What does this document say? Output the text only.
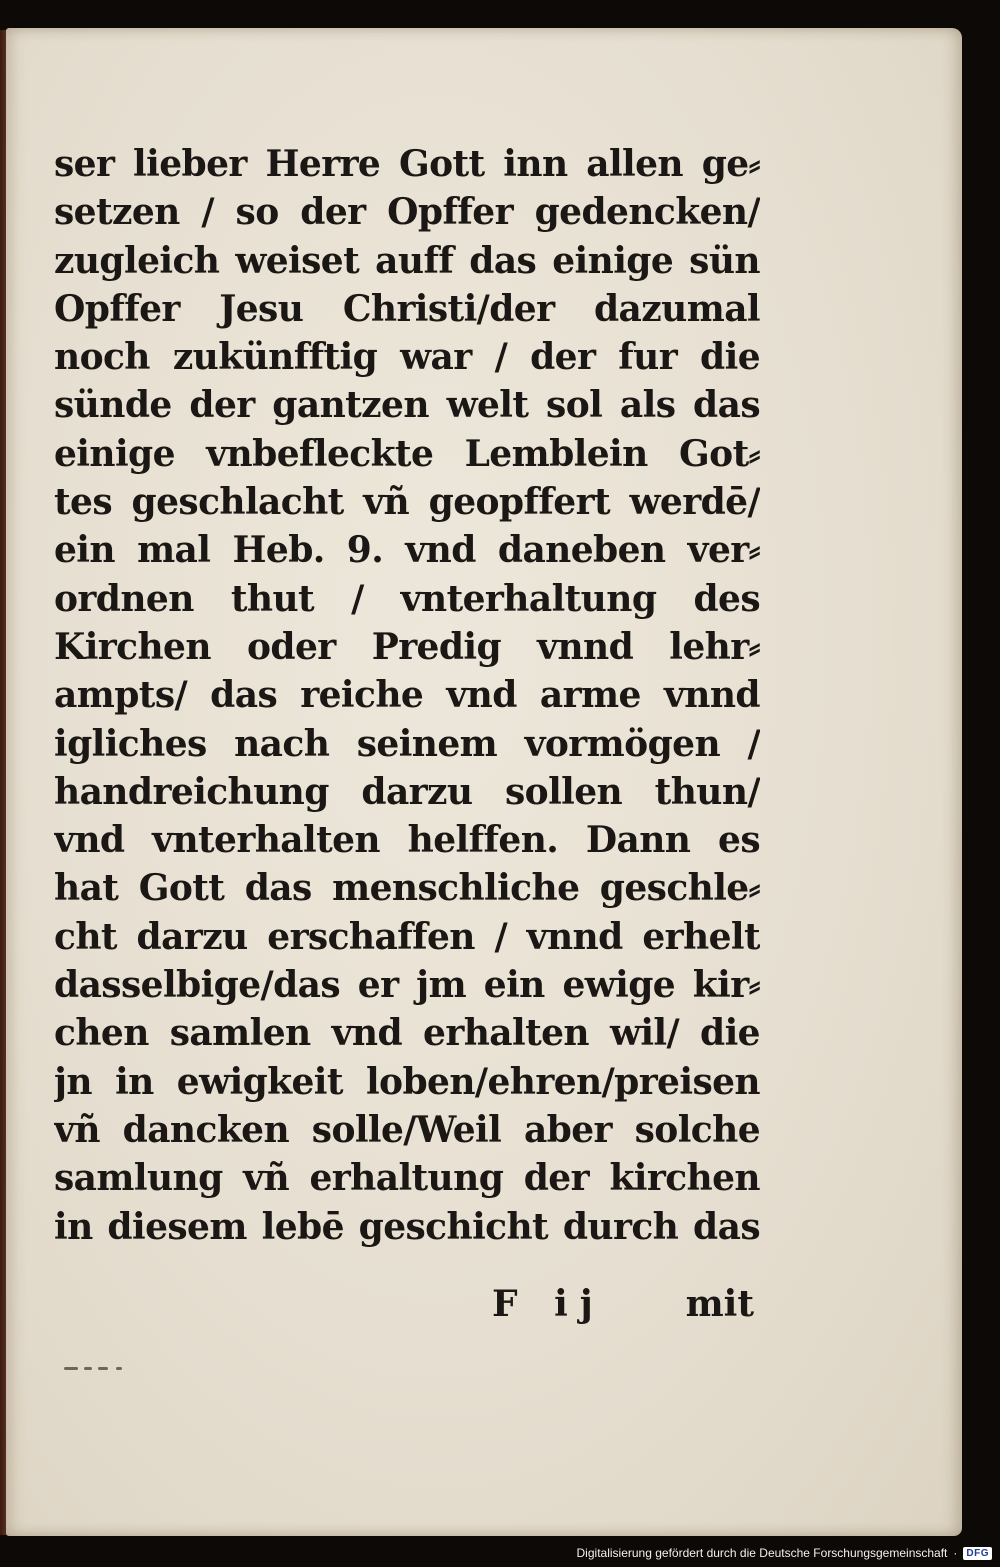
ser lieber Herre Gott inn allen ge⸗
setzen / so der Opffer gedencken/
zugleich weiset auff das einige sün
Opffer Jesu Christi/der dazumal
noch zukünfftig war / der fur die
sünde der gantzen welt sol als das
einige vnbefleckte Lemblein Got⸗
tes geschlacht vñ geopffert werdē/
ein mal Heb. 9. vnd daneben ver⸗
ordnen thut / vnterhaltung des
Kirchen oder Predig vnnd lehr⸗
ampts/ das reiche vnd arme vnnd
igliches nach seinem vormögen /
handreichung darzu sollen thun/
vnd vnterhalten helffen. Dann es
hat Gott das menschliche geschle⸗
cht darzu erschaffen / vnnd erhelt
dasselbige/das er jm ein ewige kir⸗
chen samlen vnd erhalten wil/ die
jn in ewigkeit loben/ehren/preisen
vñ dancken solle/Weil aber solche
samlung vñ erhaltung der kirchen
in diesem lebē geschicht durch das
F ij mit
Digitalisierung gefördert durch die Deutsche Forschungsgemeinschaft · DFG
